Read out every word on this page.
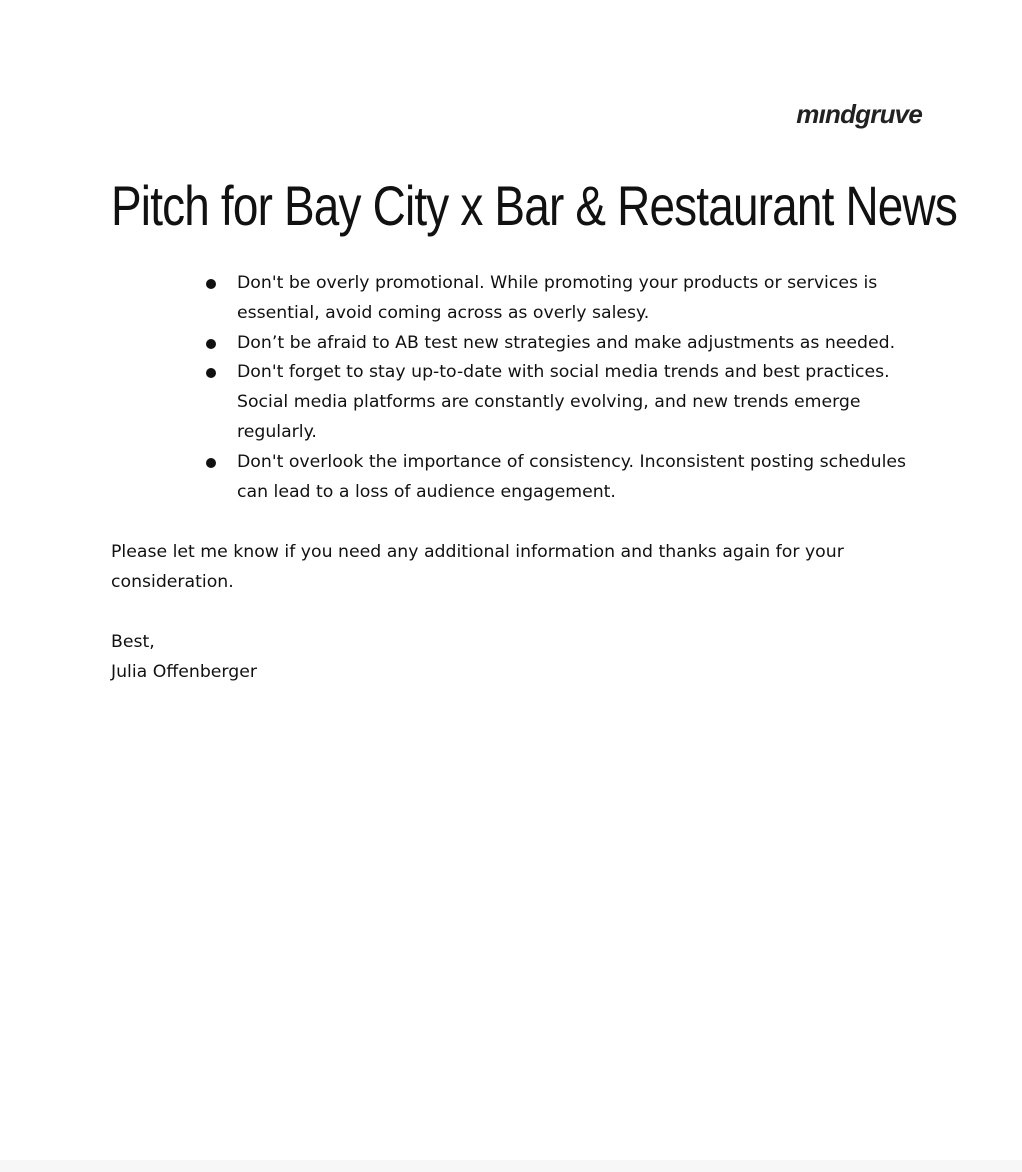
mındgruve
Pitch for Bay City x Bar & Restaurant News
Don't be overly promotional. While promoting your products or services is essential, avoid coming across as overly salesy.
Don’t be afraid to AB test new strategies and make adjustments as needed.
Don't forget to stay up-to-date with social media trends and best practices. Social media platforms are constantly evolving, and new trends emerge regularly.
Don't overlook the importance of consistency. Inconsistent posting schedules can lead to a loss of audience engagement.

Please let me know if you need any additional information and thanks again for your consideration.

Best,
Julia Offenberger
